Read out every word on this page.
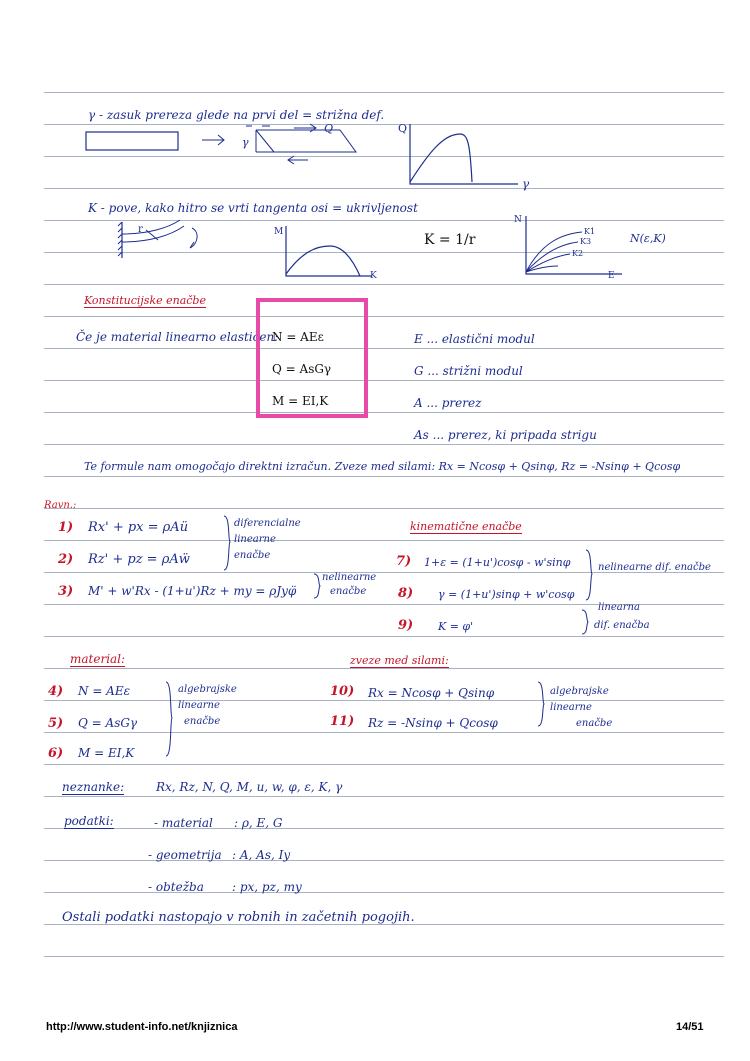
γ - zasuk prereza glede na prvi del = strižna def.
γ
Q	Q
γ
K - pove, kako hitro se vrti tangenta osi = ukrivljenost
r	M
K
K = 1/r
N
E
K1
K3
K2
N(ε,K)
Konstitucijske enačbe
Če je material linearno elastičen:
N = AEε
Q = AsGγ
M = EI,K
E ... elastični modul
G ... strižni modul
A ... prerez
As ... prerez, ki pripada strigu
Te formule nam omogočajo direktni izračun. Zveze med silami: Rx = Ncosφ + Qsinφ, Rz = -Nsinφ + Qcosφ
Ravn.:
1) Rx' + px = ρAü
2) Rz' + pz = ρAẅ
3) M' + w'Rx - (1+u')Rz + my = ρJyφ̈
diferencialne
linearne
enačbe
nelinearne
enačbe
kinematične enačbe
7) 1+ε = (1+u')cosφ - w'sinφ
8) γ = (1+u')sinφ + w'cosφ
9) K = φ'
nelinearne dif. enačbe
linearna
dif. enačba
material:
4) N = AEε
5) Q = AsGγ
6) M = EI,K
algebrajske
linearne
enačbe
zveze med silami:
10) Rx = Ncosφ + Qsinφ
11) Rz = -Nsinφ + Qcosφ
algebrajske
linearne
enačbe
neznanke:	Rx, Rz, N, Q, M, u, w, φ, ε, K, γ
podatki:	- material : ρ, E, G
- geometrija : A, As, Iy
- obtežba : px, pz, my
Ostali podatki nastopajo v robnih in začetnih pogojih.
http://www.student-info.net/knjiznica	14/51
